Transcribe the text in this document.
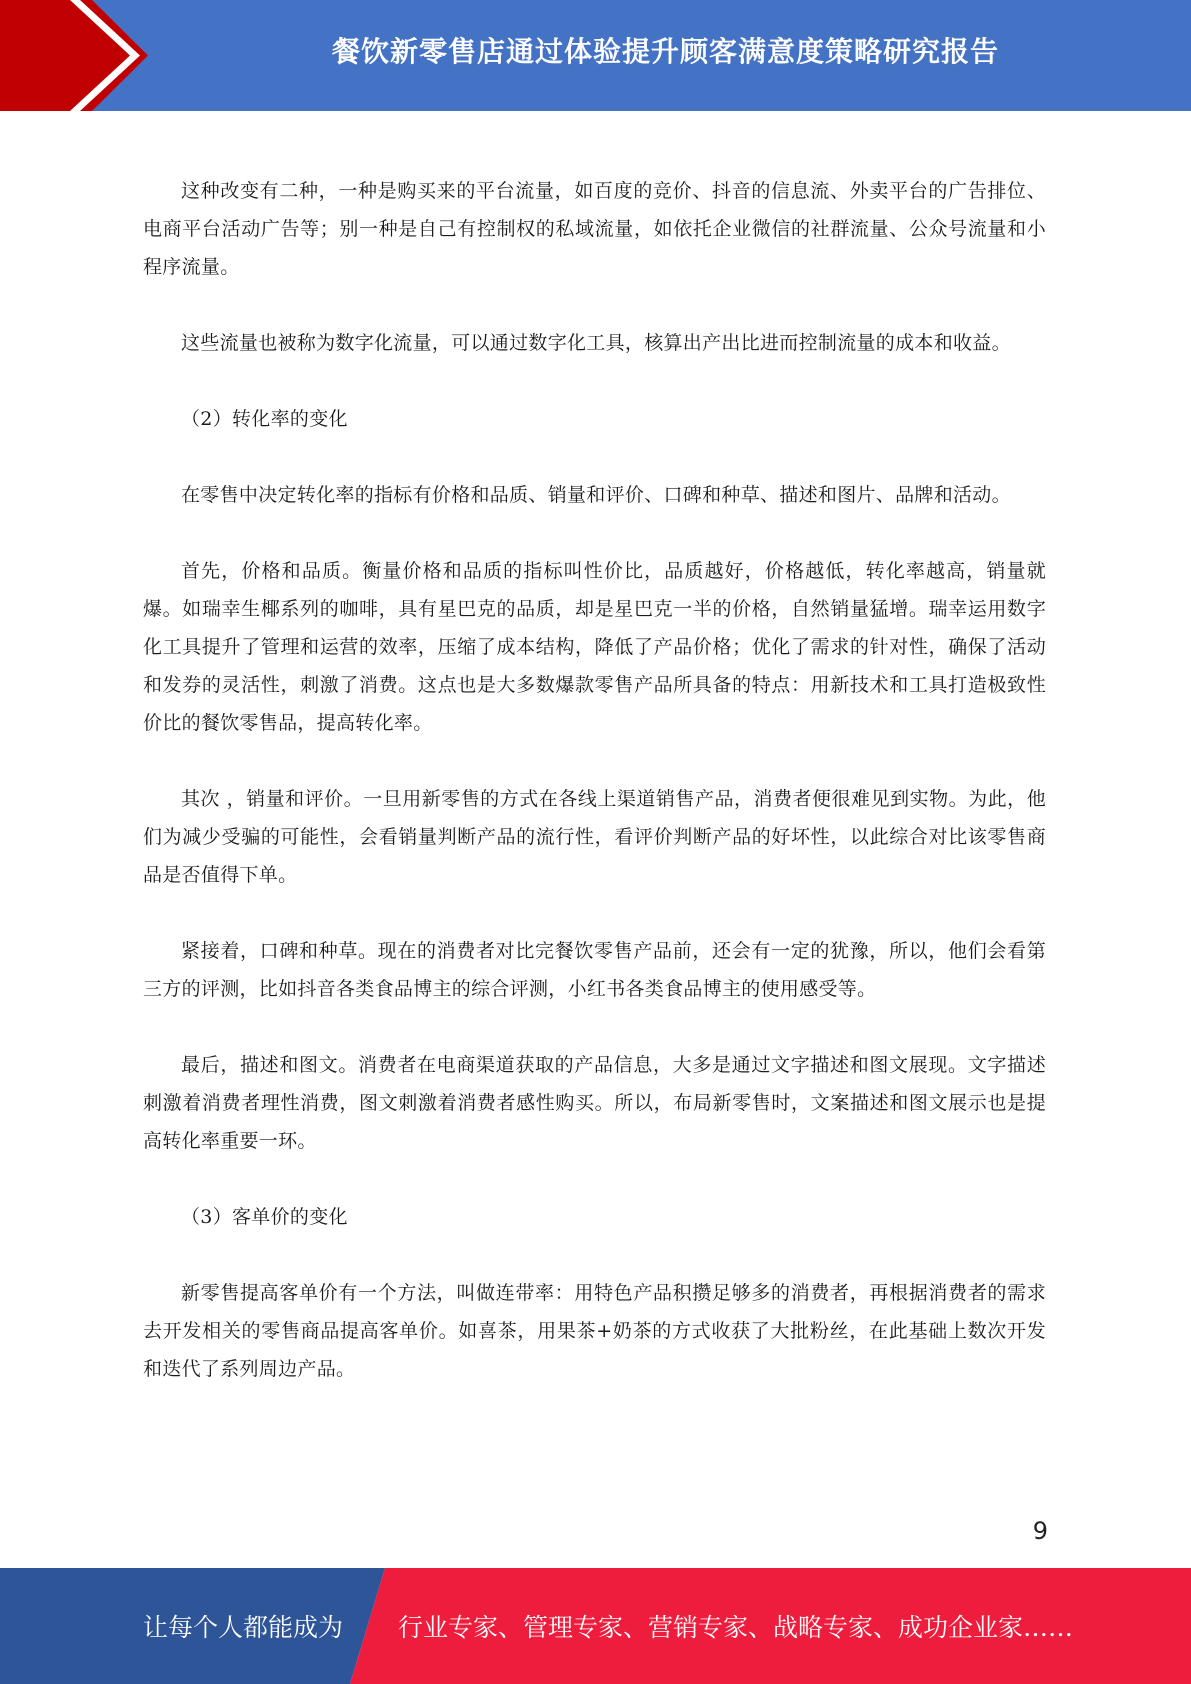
餐饮新零售店通过体验提升顾客满意度策略研究报告

这种改变有二种，一种是购买来的平台流量，如百度的竞价、抖音的信息流、外卖平台的广告排位、电商平台活动广告等；别一种是自己有控制权的私域流量，如依托企业微信的社群流量、公众号流量和小程序流量。

这些流量也被称为数字化流量，可以通过数字化工具，核算出产出比进而控制流量的成本和收益。

（2）转化率的变化

在零售中决定转化率的指标有价格和品质、销量和评价、口碑和种草、描述和图片、品牌和活动。

首先，价格和品质。衡量价格和品质的指标叫性价比，品质越好，价格越低，转化率越高，销量就爆。如瑞幸生椰系列的咖啡，具有星巴克的品质，却是星巴克一半的价格，自然销量猛增。瑞幸运用数字化工具提升了管理和运营的效率，压缩了成本结构，降低了产品价格；优化了需求的针对性，确保了活动和发券的灵活性，刺激了消费。这点也是大多数爆款零售产品所具备的特点：用新技术和工具打造极致性价比的餐饮零售品，提高转化率。

其次 ，销量和评价。一旦用新零售的方式在各线上渠道销售产品，消费者便很难见到实物。为此，他们为减少受骗的可能性，会看销量判断产品的流行性，看评价判断产品的好坏性，以此综合对比该零售商品是否值得下单。

紧接着，口碑和种草。现在的消费者对比完餐饮零售产品前，还会有一定的犹豫，所以，他们会看第三方的评测，比如抖音各类食品博主的综合评测，小红书各类食品博主的使用感受等。

最后，描述和图文。消费者在电商渠道获取的产品信息，大多是通过文字描述和图文展现。文字描述刺激着消费者理性消费，图文刺激着消费者感性购买。所以，布局新零售时，文案描述和图文展示也是提高转化率重要一环。

（3）客单价的变化

新零售提高客单价有一个方法，叫做连带率：用特色产品积攒足够多的消费者，再根据消费者的需求去开发相关的零售商品提高客单价。如喜茶，用果茶+奶茶的方式收获了大批粉丝，在此基础上数次开发和迭代了系列周边产品。

9
让每个人都能成为 行业专家、管理专家、营销专家、战略专家、成功企业家……
